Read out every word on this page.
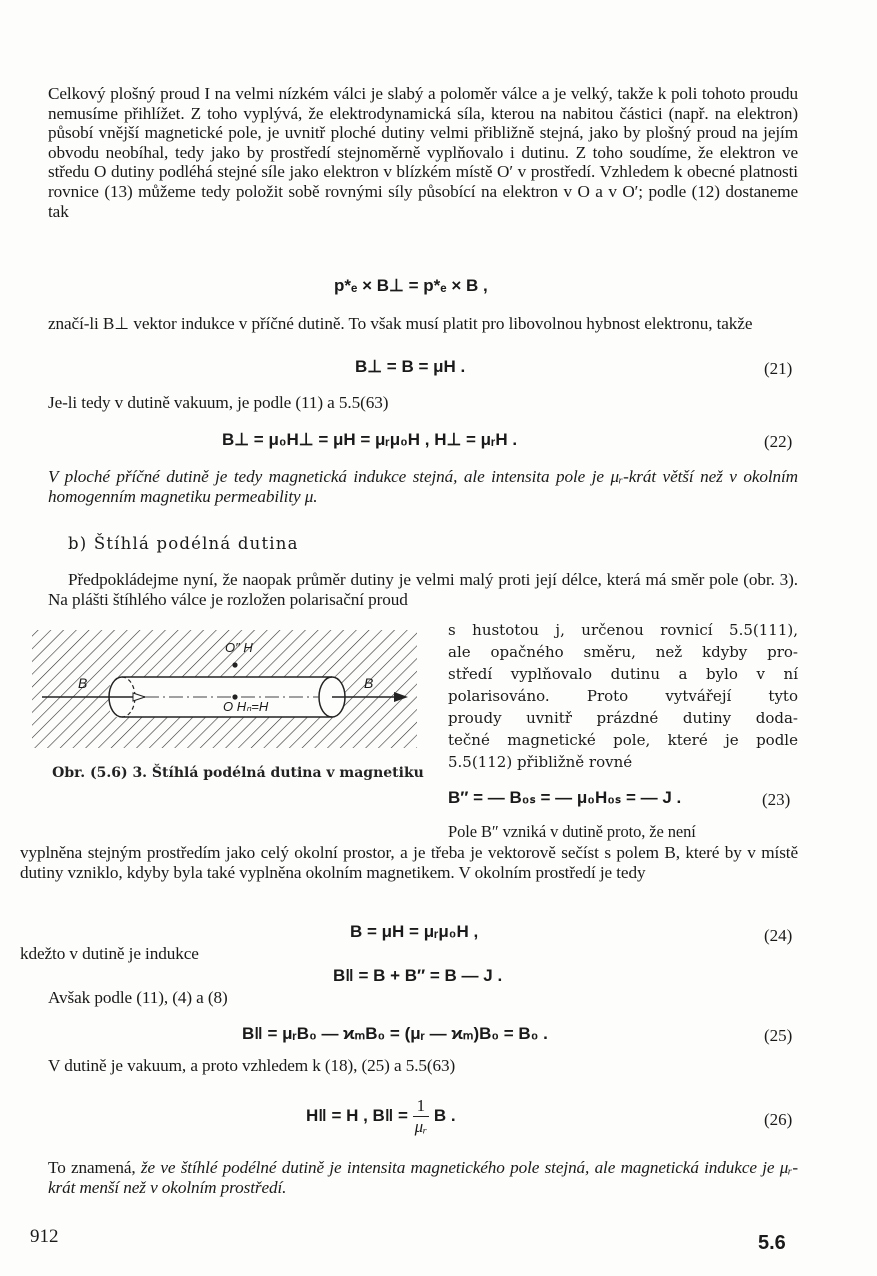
Celkový plošný proud I na velmi nízkém válci je slabý a poloměr válce a je velký, takže k poli tohoto proudu nemusíme přihlížet. Z toho vyplývá, že elektrodynamická síla, kterou na nabitou částici (např. na elektron) působí vnější magnetické pole, je uvnitř ploché dutiny velmi přibližně stejná, jako by plošný proud na jejím obvodu neobíhal, tedy jako by prostředí stejnoměrně vyplňovalo i dutinu. Z toho soudíme, že elektron ve středu O dutiny podléhá stejné síle jako elektron v blízkém místě O′ v prostředí. Vzhledem k obecné platnosti rovnice (13) můžeme tedy položit sobě rovnými síly působící na elektron v O a v O′; podle (12) dostaneme tak
p*ₑ × B⊥ = p*ₑ × B ,
značí-li B⊥ vektor indukce v příčné dutině. To však musí platit pro libovolnou hybnost elektronu, takže
B⊥ = B = μH .	(21)
Je-li tedy v dutině vakuum, je podle (11) a 5.5(63)
B⊥ = μ₀H⊥ = μH = μᵣμ₀H , H⊥ = μᵣH .	(22)
V ploché příčné dutině je tedy magnetická indukce stejná, ale intensita pole je μᵣ-krát větší než v okolním homogenním magnetiku permeability μ.
b) Štíhlá podélná dutina
Předpokládejme nyní, že naopak průměr dutiny je velmi malý proti její délce, která má směr pole (obr. 3). Na plášti štíhlého válce je rozložen polarisační proud
B	B
O″ H
O Hₙ=H
Obr. (5.6) 3. Štíhlá podélná dutina v magnetiku
s hustotou j, určenou rovnicí 5.5(111),
ale opačného směru, než kdyby pro-
středí vyplňovalo dutinu a bylo v ní
polarisováno. Proto vytvářejí tyto
proudy uvnitř prázdné dutiny doda-
tečné magnetické pole, které je podle
5.5(112) přibližně rovné
B″ = — B₀ₛ = — μ₀H₀ₛ = — J .	(23)
Pole B″ vzniká v dutině proto, že není
vyplněna stejným prostředím jako celý okolní prostor, a je třeba je vektorově sečíst s polem B, které by v místě dutiny vzniklo, kdyby byla také vyplněna okolním magnetikem. V okolním prostředí je tedy
B = μH = μᵣμ₀H ,	(24)
kdežto v dutině je indukce
B‖ = B + B″ = B — J .
Avšak podle (11), (4) a (8)
B‖ = μᵣB₀ — ϰₘB₀ = (μᵣ — ϰₘ)B₀ = B₀ .	(25)
V dutině je vakuum, a proto vzhledem k (18), (25) a 5.5(63)
H‖ = H , B‖ = $\frac{1}{\text{μᵣ}}$ B .	(26)
To znamená, že ve štíhlé podélné dutině je intensita magnetického pole stejná, ale magnetická indukce je μᵣ-krát menší než v okolním prostředí.
912	5.6
